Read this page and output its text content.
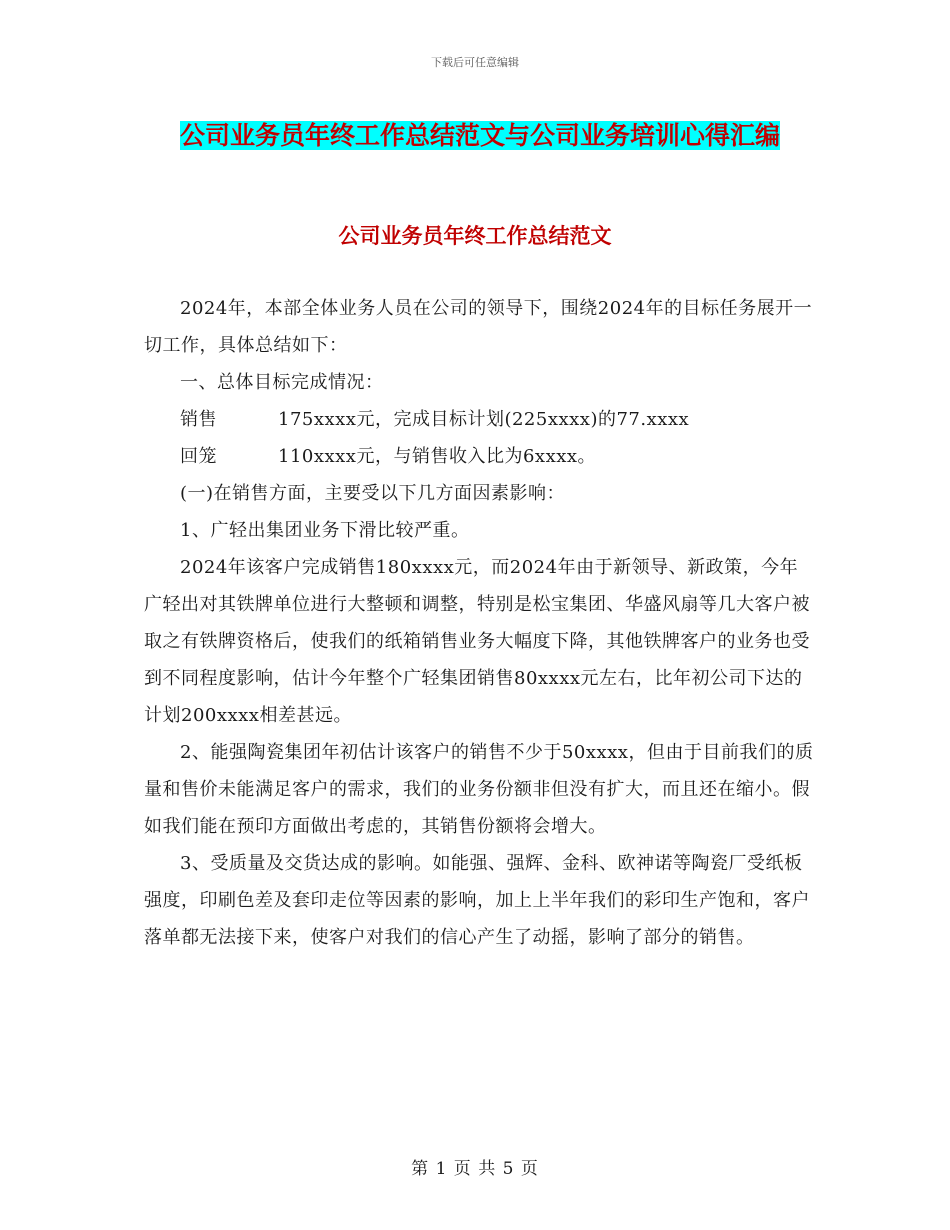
下载后可任意编辑
公司业务员年终工作总结范文与公司业务培训心得汇编
公司业务员年终工作总结范文

2024年，本部全体业务人员在公司的领导下，围绕2024年的目标任务展开一切工作，具体总结如下：

一、总体目标完成情况：

销售	175xxxx元，完成目标计划(225xxxx)的77.xxxx
回笼	110xxxx元，与销售收入比为6xxxx。

(一)在销售方面，主要受以下几方面因素影响：

1、广轻出集团业务下滑比较严重。

2024年该客户完成销售180xxxx元，而2024年由于新领导、新政策，今年广轻出对其铁牌单位进行大整顿和调整，特别是松宝集团、华盛风扇等几大客户被取之有铁牌资格后，使我们的纸箱销售业务大幅度下降，其他铁牌客户的业务也受到不同程度影响，估计今年整个广轻集团销售80xxxx元左右，比年初公司下达的计划200xxxx相差甚远。

2、能强陶瓷集团年初估计该客户的销售不少于50xxxx，但由于目前我们的质量和售价未能满足客户的需求，我们的业务份额非但没有扩大，而且还在缩小。假如我们能在预印方面做出考虑的，其销售份额将会增大。

3、受质量及交货达成的影响。如能强、强辉、金科、欧神诺等陶瓷厂受纸板强度，印刷色差及套印走位等因素的影响，加上上半年我们的彩印生产饱和，客户落单都无法接下来，使客户对我们的信心产生了动摇，影响了部分的销售。

第 1 页 共 5 页
